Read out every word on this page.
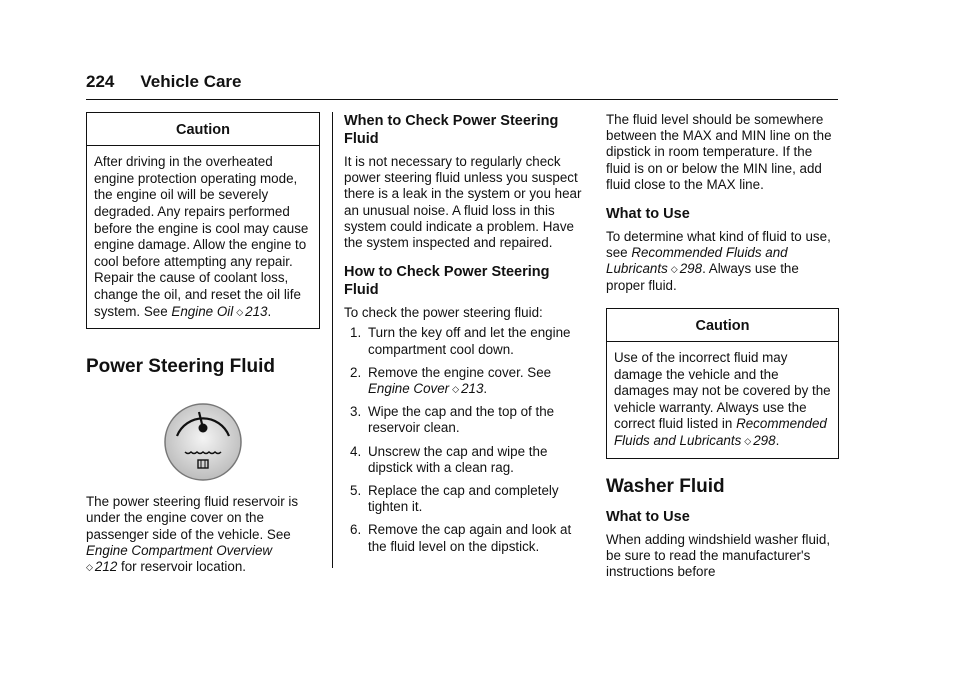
224 Vehicle Care
Caution
After driving in the overheated engine protection operating mode, the engine oil will be severely degraded. Any repairs performed before the engine is cool may cause engine damage. Allow the engine to cool before attempting any repair. Repair the cause of coolant loss, change the oil, and reset the oil life system. See Engine Oil ◇ 213.
Power Steering Fluid

The power steering fluid reservoir is under the engine cover on the passenger side of the vehicle. See Engine Compartment Overview
◇ 212 for reservoir location.

When to Check Power Steering Fluid

It is not necessary to regularly check power steering fluid unless you suspect there is a leak in the system or you hear an unusual noise. A fluid loss in this system could indicate a problem. Have the system inspected and repaired.

How to Check Power Steering Fluid

To check the power steering fluid:

1. Turn the key off and let the engine compartment cool down.
2. Remove the engine cover. See Engine Cover ◇ 213.
3. Wipe the cap and the top of the reservoir clean.
4. Unscrew the cap and wipe the dipstick with a clean rag.
5. Replace the cap and completely tighten it.
6. Remove the cap again and look at the fluid level on the dipstick.

The fluid level should be somewhere between the MAX and MIN line on the dipstick in room temperature. If the fluid is on or below the MIN line, add fluid close to the MAX line.

What to Use

To determine what kind of fluid to use, see Recommended Fluids and Lubricants ◇ 298. Always use the proper fluid.

Caution
Use of the incorrect fluid may damage the vehicle and the damages may not be covered by the vehicle warranty. Always use the correct fluid listed in Recommended Fluids and Lubricants ◇ 298.
Washer Fluid
What to Use

When adding windshield washer fluid, be sure to read the manufacturer's instructions before
